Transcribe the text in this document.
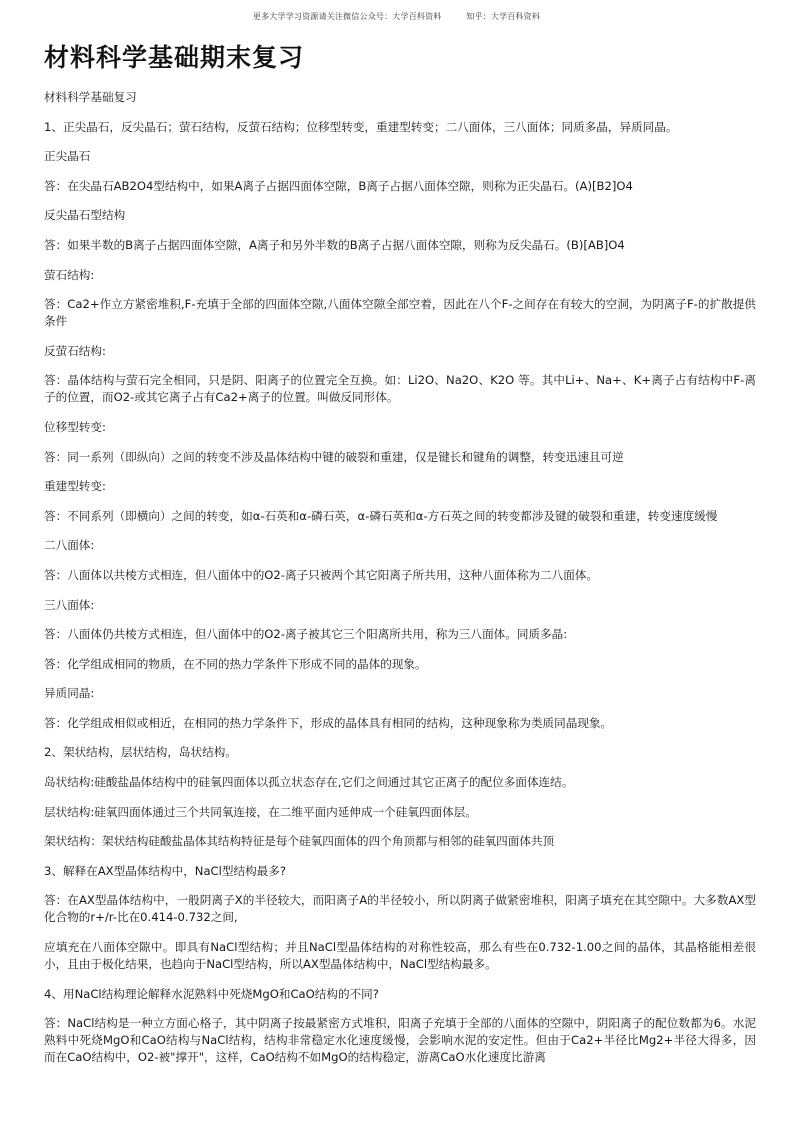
更多大学学习资源请关注微信公众号：大学百科资料	知乎：大学百科资料
材料科学基础期末复习

材料科学基础复习

1、正尖晶石，反尖晶石；萤石结构，反萤石结构；位移型转变，重建型转变；二八面体，三八面体；同质多晶，异质同晶。

正尖晶石

答：在尖晶石AB2O4型结构中，如果A离子占据四面体空隙，B离子占据八面体空隙，则称为正尖晶石。(A)[B2]O4

反尖晶石型结构

答：如果半数的B离子占据四面体空隙，A离子和另外半数的B离子占据八面体空隙，则称为反尖晶石。(B)[AB]O4

萤石结构:

答：Ca2+作立方紧密堆积,F-充填于全部的四面体空隙,八面体空隙全部空着，因此在八个F-之间存在有较大的空洞，为阴离子F-的扩散提供条件

反萤石结构:

答：晶体结构与萤石完全相同，只是阴、阳离子的位置完全互换。如：Li2O、Na2O、K2O 等。其中Li+、Na+、K+离子占有结构中F-离子的位置，而O2-或其它离子占有Ca2+离子的位置。叫做反同形体。

位移型转变:

答：同一系列（即纵向）之间的转变不涉及晶体结构中键的破裂和重建，仅是键长和键角的调整，转变迅速且可逆

重建型转变:

答：不同系列（即横向）之间的转变，如α-石英和α-磷石英，α-磷石英和α-方石英之间的转变都涉及键的破裂和重建，转变速度缓慢

二八面体:

答：八面体以共棱方式相连，但八面体中的O2-离子只被两个其它阳离子所共用，这种八面体称为二八面体。

三八面体:

答：八面体仍共棱方式相连，但八面体中的O2-离子被其它三个阳离所共用，称为三八面体。同质多晶:

答：化学组成相同的物质，在不同的热力学条件下形成不同的晶体的现象。

异质同晶:

答：化学组成相似或相近，在相同的热力学条件下，形成的晶体具有相同的结构，这种现象称为类质同晶现象。

2、架状结构，层状结构，岛状结构。

岛状结构:硅酸盐晶体结构中的硅氧四面体以孤立状态存在,它们之间通过其它正离子的配位多面体连结。

层状结构:硅氧四面体通过三个共同氧连接，在二维平面内延伸成一个硅氧四面体层。

架状结构：架状结构硅酸盐晶体其结构特征是每个硅氧四面体的四个角顶都与相邻的硅氧四面体共顶

3、解释在AX型晶体结构中，NaCl型结构最多?

答：在AX型晶体结构中，一般阴离子X的半径较大，而阳离子A的半径较小，所以阴离子做紧密堆积，阳离子填充在其空隙中。大多数AX型化合物的r+/r-比在0.414-0.732之间,

应填充在八面体空隙中。即具有NaCl型结构；并且NaCl型晶体结构的对称性较高，那么有些在0.732-1.00之间的晶体，其晶格能相差很小，且由于极化结果，也趋向于NaCl型结构，所以AX型晶体结构中，NaCl型结构最多。

4、用NaCl结构理论解释水泥熟料中死烧MgO和CaO结构的不同?

答：NaCl结构是一种立方面心格子，其中阴离子按最紧密方式堆积，阳离子充填于全部的八面体的空隙中，阴阳离子的配位数都为6。水泥熟料中死烧MgO和CaO结构与NaCl结构，结构非常稳定水化速度缓慢，会影响水泥的安定性。但由于Ca2+半径比Mg2+半径大得多，因而在CaO结构中，O2-被"撑开"，这样，CaO结构不如MgO的结构稳定，游离CaO水化速度比游离
